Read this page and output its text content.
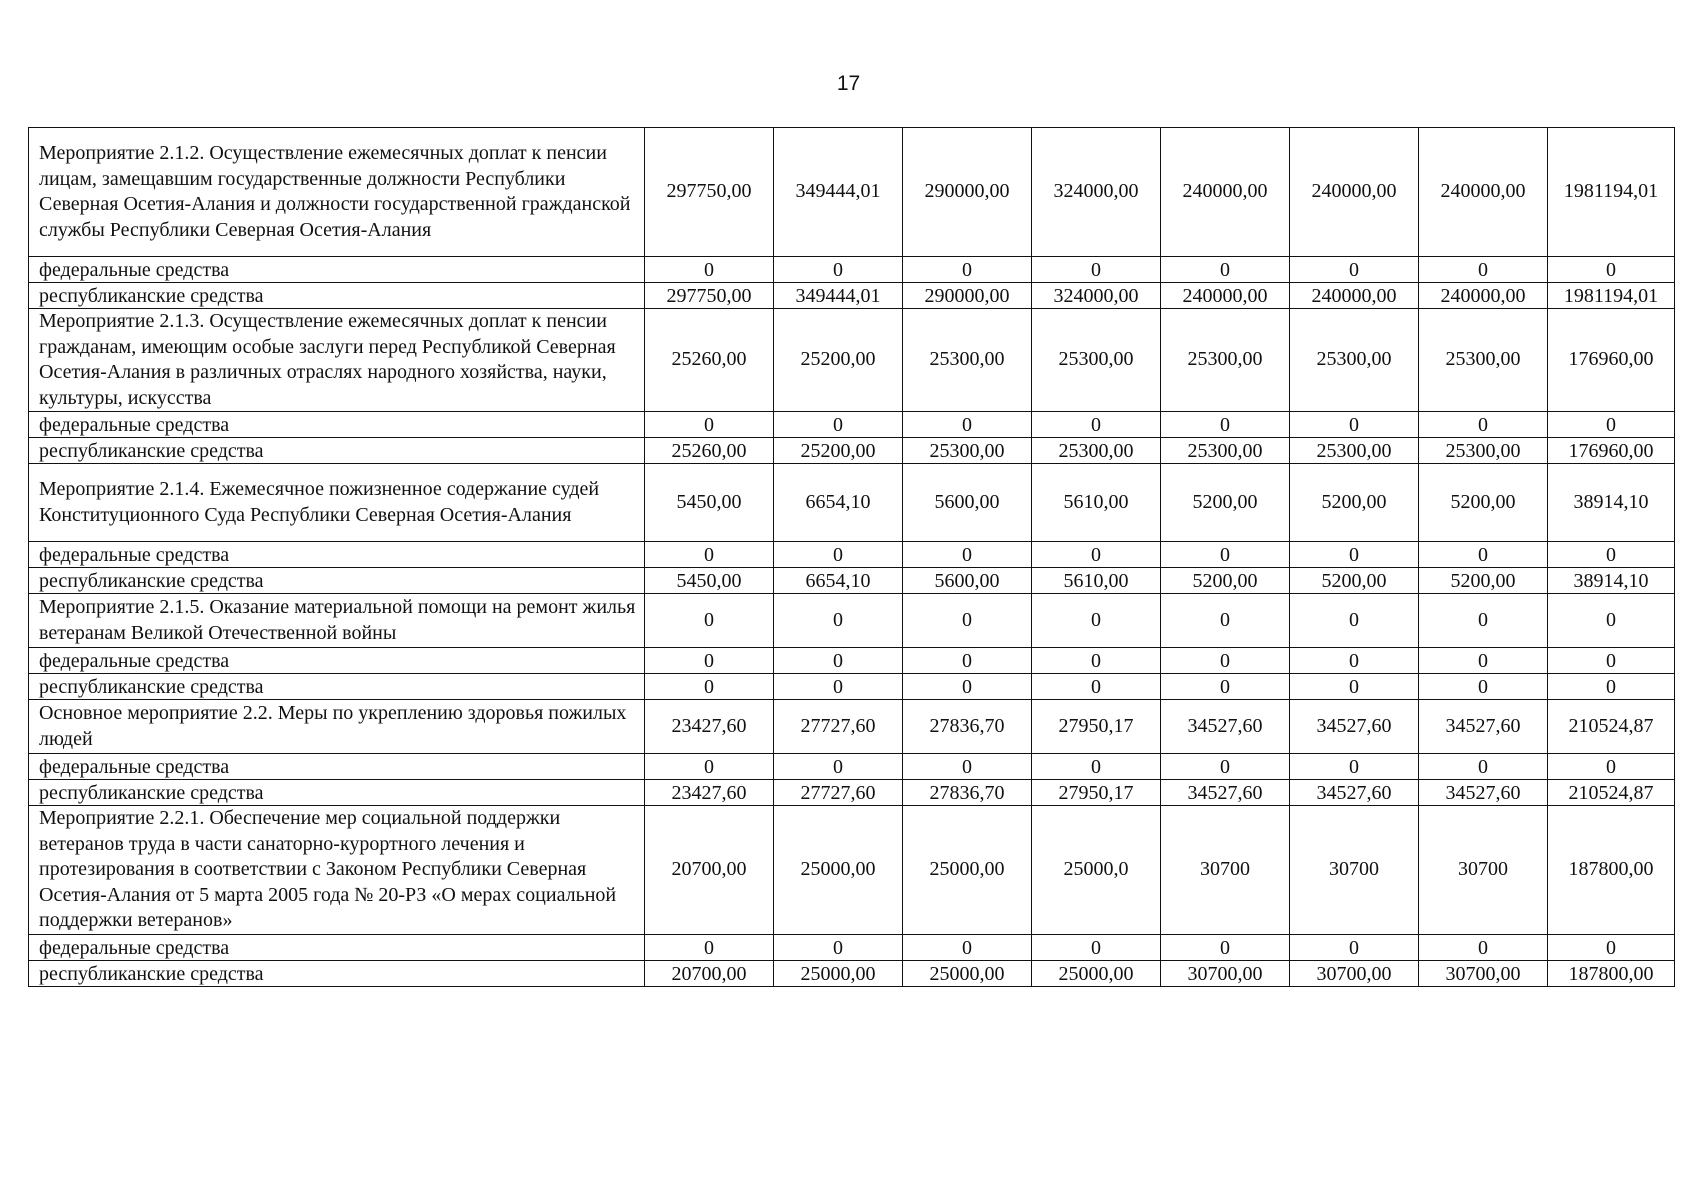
17
Мероприятие 2.1.2. Осуществление ежемесячных доплат к пенсии лицам, замещавшим государственные должности Республики Северная Осетия-Алания и должности государственной гражданской службы Республики Северная Осетия-Алания	297750,00	349444,01	290000,00	324000,00	240000,00	240000,00	240000,00	1981194,01
федеральные средства	0	0	0	0	0	0	0	0
республиканские средства	297750,00	349444,01	290000,00	324000,00	240000,00	240000,00	240000,00	1981194,01
Мероприятие 2.1.3. Осуществление ежемесячных доплат к пенсии гражданам, имеющим особые заслуги перед Республикой Северная Осетия-Алания в различных отраслях народного хозяйства, науки, культуры, искусства	25260,00	25200,00	25300,00	25300,00	25300,00	25300,00	25300,00	176960,00
федеральные средства	0	0	0	0	0	0	0	0
республиканские средства	25260,00	25200,00	25300,00	25300,00	25300,00	25300,00	25300,00	176960,00
Мероприятие 2.1.4. Ежемесячное пожизненное содержание судей Конституционного Суда Республики Северная Осетия-Алания	5450,00	6654,10	5600,00	5610,00	5200,00	5200,00	5200,00	38914,10
федеральные средства	0	0	0	0	0	0	0	0
республиканские средства	5450,00	6654,10	5600,00	5610,00	5200,00	5200,00	5200,00	38914,10
Мероприятие 2.1.5. Оказание материальной помощи на ремонт жилья ветеранам Великой Отечественной войны	0	0	0	0	0	0	0	0
федеральные средства	0	0	0	0	0	0	0	0
республиканские средства	0	0	0	0	0	0	0	0
Основное мероприятие 2.2. Меры по укреплению здоровья пожилых людей	23427,60	27727,60	27836,70	27950,17	34527,60	34527,60	34527,60	210524,87
федеральные средства	0	0	0	0	0	0	0	0
республиканские средства	23427,60	27727,60	27836,70	27950,17	34527,60	34527,60	34527,60	210524,87
Мероприятие 2.2.1. Обеспечение мер социальной поддержки ветеранов труда в части санаторно-курортного лечения и протезирования в соответствии с Законом Республики Северная Осетия-Алания от 5 марта 2005 года № 20-РЗ «О мерах социальной поддержки ветеранов»	20700,00	25000,00	25000,00	25000,0	30700	30700	30700	187800,00
федеральные средства	0	0	0	0	0	0	0	0
республиканские средства	20700,00	25000,00	25000,00	25000,00	30700,00	30700,00	30700,00	187800,00
